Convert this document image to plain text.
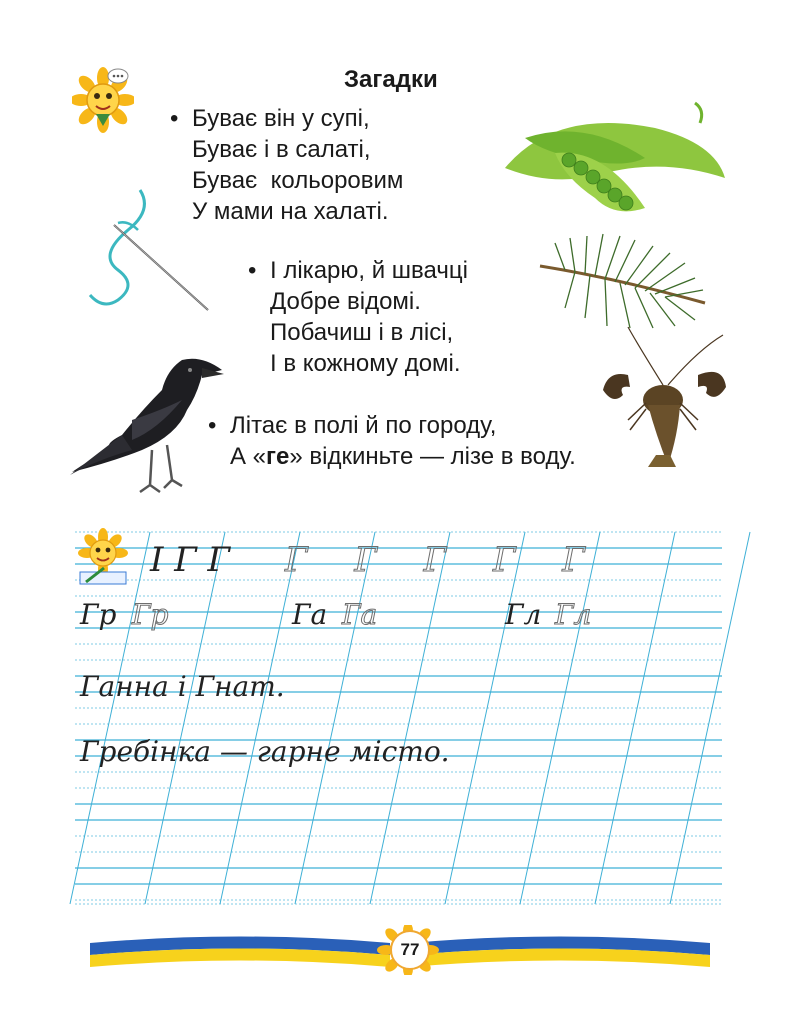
Загадки
• Буває він у супі,
Буває і в салаті,
Буває  кольоровим
У мами на халаті.
• І лікарю, й швачці
Добре відомі.
Побачиш і в лісі,
І в кожному домі.
• Літає в полі й по городу,
А «ге» відкиньте — лізе в воду.
І Г Г Г Г Г Г Г
Гр Гр	Га Га	Гл Гл
Ганна і Гнат.
Гребінка — гарне місто.
77
